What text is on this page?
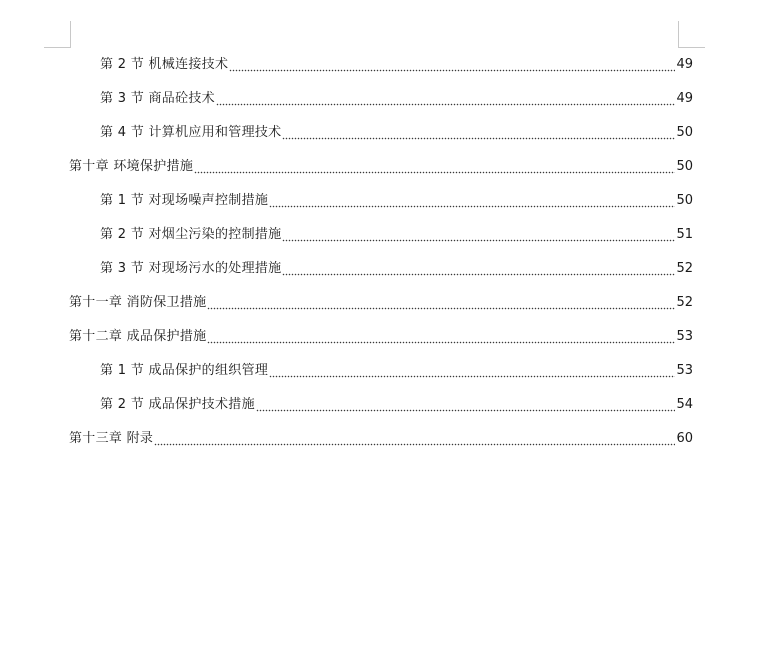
第 2 节 机械连接技术	49
第 3 节 商品砼技术	49
第 4 节 计算机应用和管理技术	50
第十章 环境保护措施	50
第 1 节 对现场噪声控制措施	50
第 2 节 对烟尘污染的控制措施	51
第 3 节 对现场污水的处理措施	52
第十一章 消防保卫措施	52
第十二章 成品保护措施	53
第 1 节 成品保护的组织管理	53
第 2 节 成品保护技术措施	54
第十三章 附录	60
